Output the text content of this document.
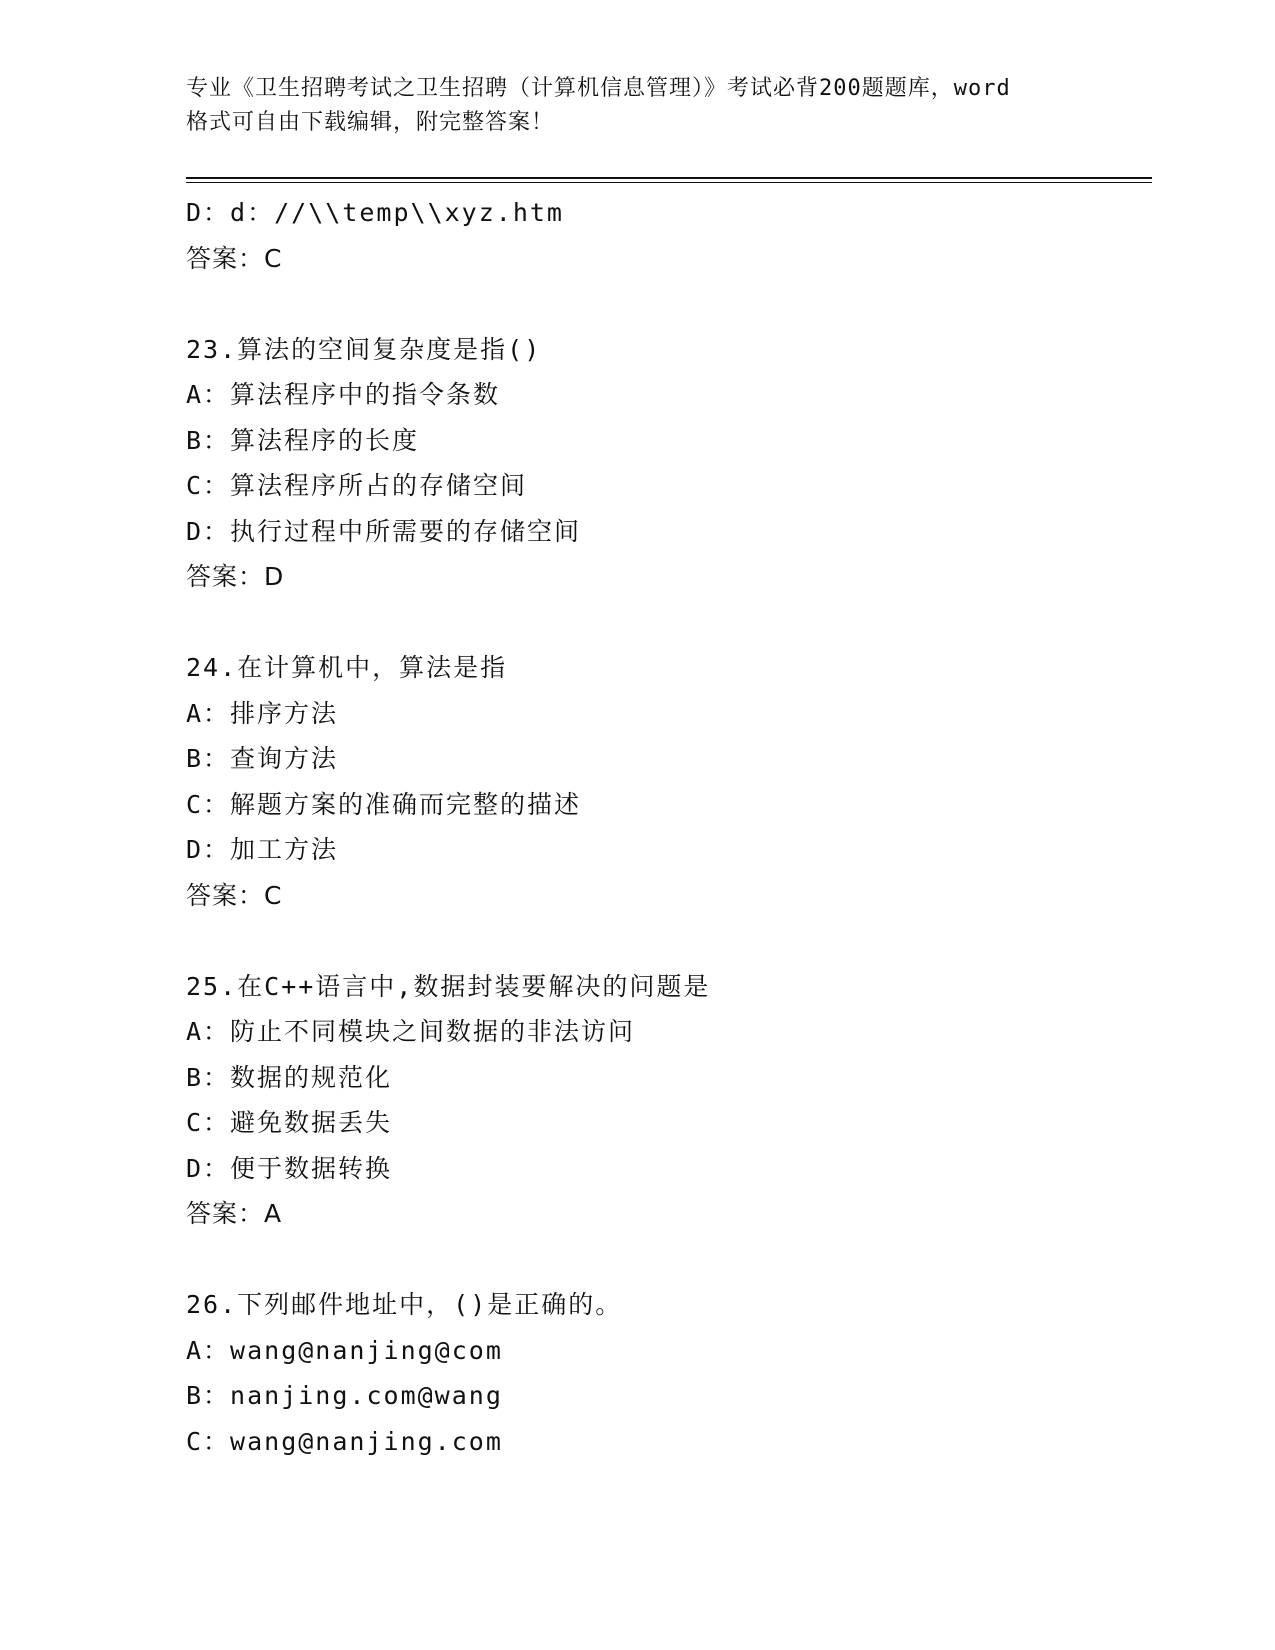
专业《卫生招聘考试之卫生招聘（计算机信息管理）》考试必背200题题库，word
格式可自由下载编辑，附完整答案！
D：d：//\\temp\\xyz.htm
答案：C
23.算法的空间复杂度是指()
A：算法程序中的指令条数
B：算法程序的长度
C：算法程序所占的存储空间
D：执行过程中所需要的存储空间
答案：D
24.在计算机中，算法是指
A：排序方法
B：查询方法
C：解题方案的准确而完整的描述
D：加工方法
答案：C
25.在C++语言中,数据封装要解决的问题是
A：防止不同模块之间数据的非法访问
B：数据的规范化
C：避免数据丢失
D：便于数据转换
答案：A
26.下列邮件地址中，()是正确的。
A：wang@nanjing@com
B：nanjing.com@wang
C：wang@nanjing.com
